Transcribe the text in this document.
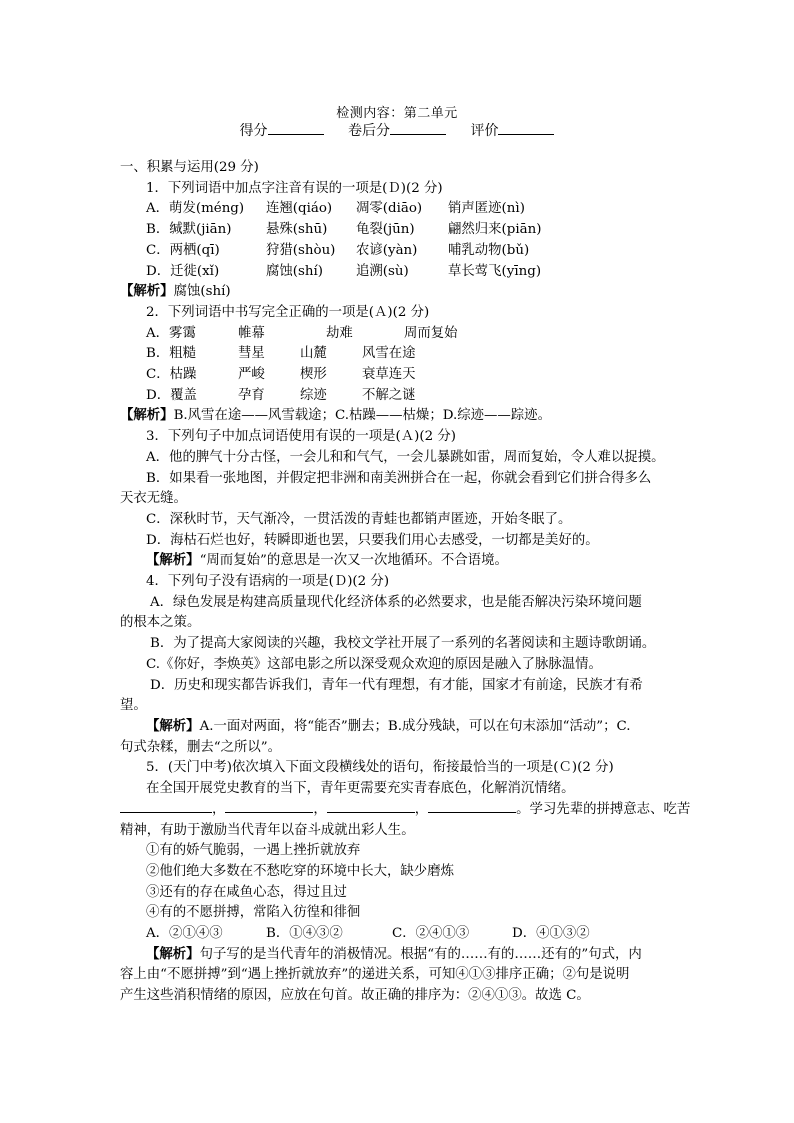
检测内容：第二单元
得分	卷后分	评价
一、积累与运用(29 分)
1．下列词语中加点字注音有误的一项是(Ｄ)(2 分)
A．萌发(méng) 连翘(qiáo) 凋零(diāo) 销声匿迹(nì)
B．缄默(jiān)	悬殊(shū) 龟裂(jūn) 翩然归来(piān)
C．两栖(qī)	狩猎(shòu) 农谚(yàn) 哺乳动物(bǔ)
D．迁徙(xǐ)	腐蚀(shí) 追溯(sù)	草长莺飞(yīng)
【解析】腐蚀(shí)
2．下列词语中书写完全正确的一项是(Ａ)(2 分)
A．雾霭	帷幕	劫难	周而复始
B．粗糙	彗星	山麓	风雪在途
C．枯躁	严峻	楔形	衰草连天
D．覆盖	孕育	综迹	不解之谜
【解析】B.风雪在途——风雪载途；C.枯躁——枯燥；D.综迹——踪迹。
3．下列句子中加点词语使用有误的一项是(Ａ)(2 分)
A．他的脾气十分古怪，一会儿和和气气，一会儿暴跳如雷，周而复始，令人难以捉摸。
B．如果看一张地图，并假定把非洲和南美洲拼合在一起，你就会看到它们拼合得多么
天衣无缝。
C．深秋时节，天气渐冷，一贯活泼的青蛙也都销声匿迹，开始冬眠了。
D．海枯石烂也好，转瞬即逝也罢，只要我们用心去感受，一切都是美好的。
【解析】“周而复始”的意思是一次又一次地循环。不合语境。
4．下列句子没有语病的一项是(Ｄ)(2 分)
A．绿色发展是构建高质量现代化经济体系的必然要求，也是能否解决污染环境问题
的根本之策。
B．为了提高大家阅读的兴趣，我校文学社开展了一系列的名著阅读和主题诗歌朗诵。
C.《你好，李焕英》这部电影之所以深受观众欢迎的原因是融入了脉脉温情。
D．历史和现实都告诉我们，青年一代有理想，有才能，国家才有前途，民族才有希
望。
【解析】A.一面对两面，将“能否”删去；B.成分残缺，可以在句末添加“活动”；C.
句式杂糅，删去“之所以”。
5．(天门中考)依次填入下面文段横线处的语句，衔接最恰当的一项是(Ｃ)(2 分)
在全国开展党史教育的当下，青年更需要充实青春底色，化解消沉情绪。
，	，	，	。学习先辈的拼搏意志、吃苦
精神，有助于激励当代青年以奋斗成就出彩人生。
①有的娇气脆弱，一遇上挫折就放弃
②他们绝大多数在不愁吃穿的环境中长大，缺少磨炼
③还有的存在咸鱼心态，得过且过
④有的不愿拼搏，常陷入彷徨和徘徊
A．②①④③	B．①④③②	C．②④①③	D．④①③②
【解析】句子写的是当代青年的消极情况。根据“有的……有的……还有的”句式，内
容上由“不愿拼搏”到“遇上挫折就放弃”的递进关系，可知④①③排序正确；②句是说明
产生这些消积情绪的原因，应放在句首。故正确的排序为：②④①③。故选 C。
